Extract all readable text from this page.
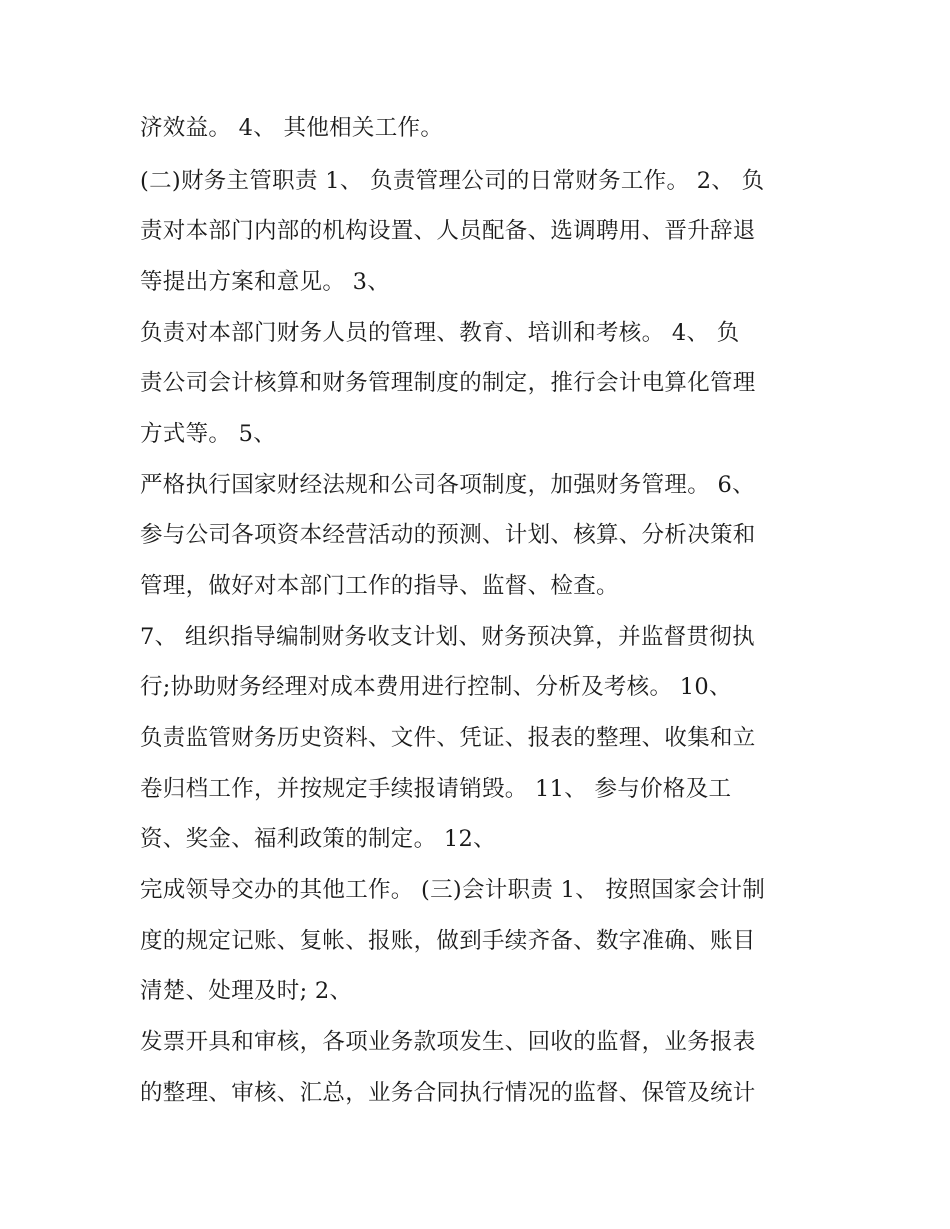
济效益。 4、 其他相关工作。
(二)财务主管职责 1、 负责管理公司的日常财务工作。 2、 负
责对本部门内部的机构设置、人员配备、选调聘用、晋升辞退
等提出方案和意见。 3、
负责对本部门财务人员的管理、教育、培训和考核。 4、 负
责公司会计核算和财务管理制度的制定，推行会计电算化管理
方式等。 5、
严格执行国家财经法规和公司各项制度，加强财务管理。 6、
参与公司各项资本经营活动的预测、计划、核算、分析决策和
管理，做好对本部门工作的指导、监督、检查。
7、 组织指导编制财务收支计划、财务预决算，并监督贯彻执
行;协助财务经理对成本费用进行控制、分析及考核。 10、
负责监管财务历史资料、文件、凭证、报表的整理、收集和立
卷归档工作，并按规定手续报请销毁。 11、 参与价格及工
资、奖金、福利政策的制定。 12、
完成领导交办的其他工作。 (三)会计职责 1、 按照国家会计制
度的规定记账、复帐、报账，做到手续齐备、数字准确、账目
清楚、处理及时; 2、
发票开具和审核，各项业务款项发生、回收的监督，业务报表
的整理、审核、汇总，业务合同执行情况的监督、保管及统计
